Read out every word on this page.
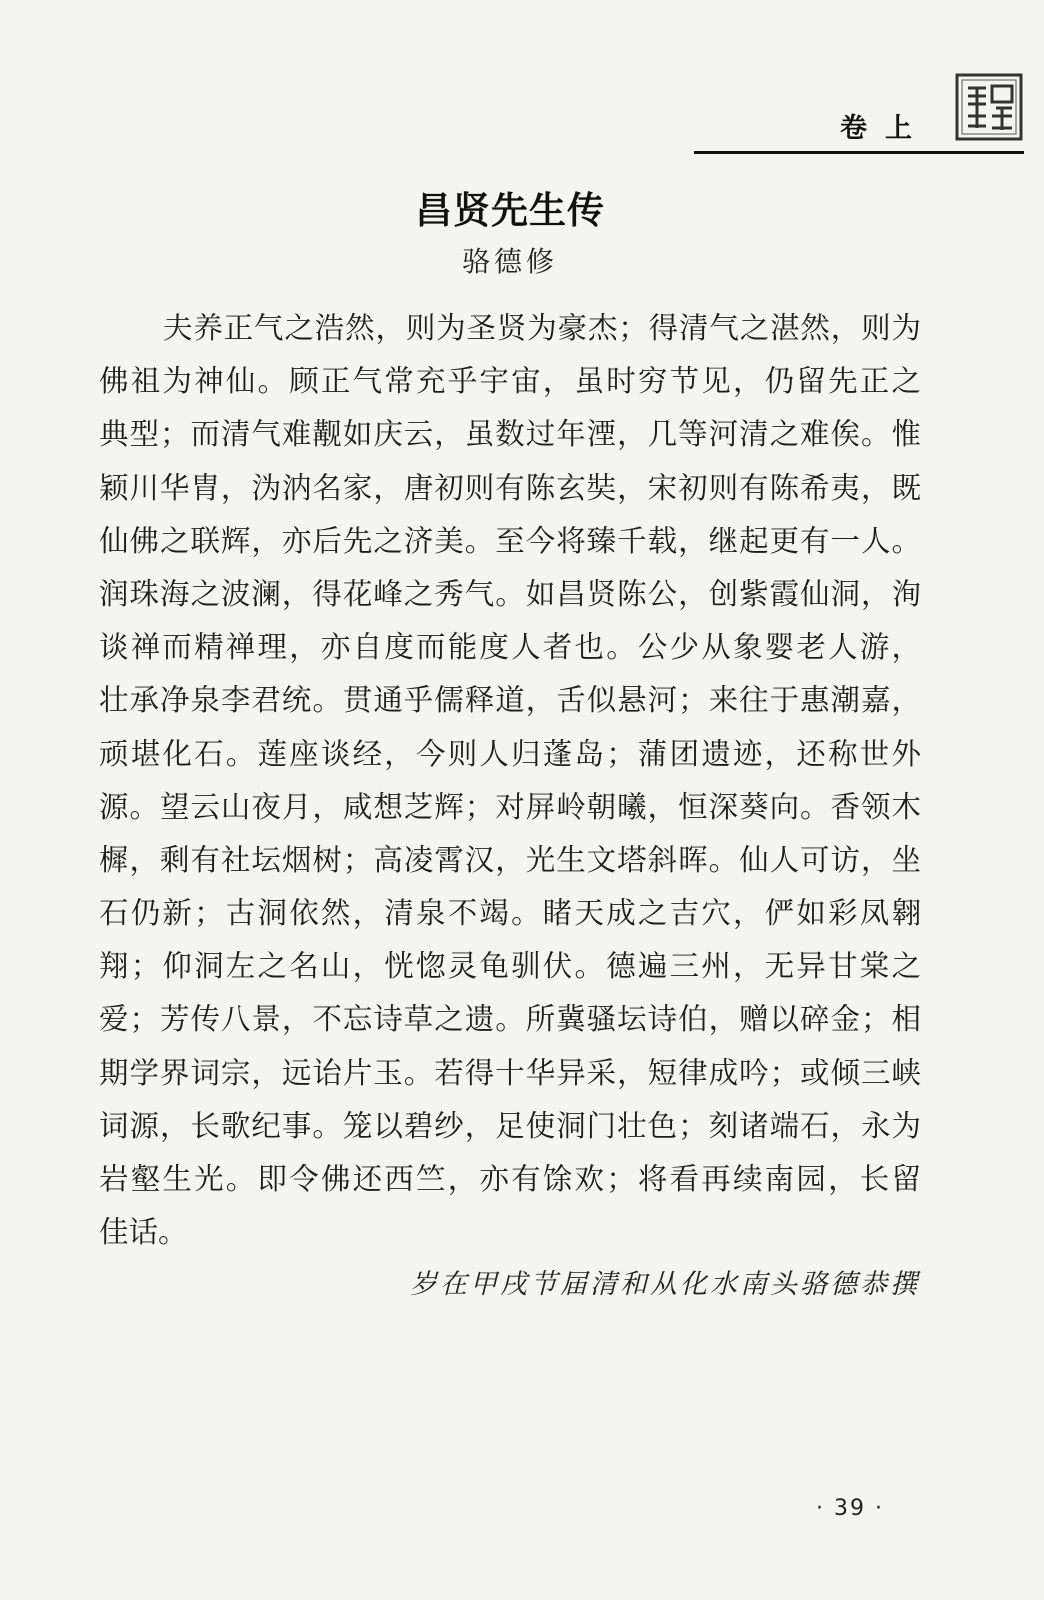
卷上
昌贤先生传
骆德修
夫养正气之浩然，则为圣贤为豪杰；得清气之湛然，则为
佛祖为神仙。顾正气常充乎宇宙，虽时穷节见，仍留先正之
典型；而清气难觏如庆云，虽数过年湮，几等河清之难俟。惟
颖川华胄，沩汭名家，唐初则有陈玄奘，宋初则有陈希夷，既
仙佛之联辉，亦后先之济美。至今将臻千载，继起更有一人。
润珠海之波澜，得花峰之秀气。如昌贤陈公，创紫霞仙洞，洵
谈禅而精禅理，亦自度而能度人者也。公少从象婴老人游，
壮承净泉李君统。贯通乎儒释道，舌似悬河；来往于惠潮嘉，
顽堪化石。莲座谈经，今则人归蓬岛；蒲团遗迹，还称世外
源。望云山夜月，咸想芝辉；对屏岭朝曦，恒深葵向。香领木
樨，剩有社坛烟树；高凌霄汉，光生文塔斜晖。仙人可访，坐
石仍新；古洞依然，清泉不竭。睹天成之吉穴，俨如彩凤翱
翔；仰洞左之名山，恍惚灵龟驯伏。德遍三州，无异甘棠之
爱；芳传八景，不忘诗草之遗。所冀骚坛诗伯，赠以碎金；相
期学界词宗，远诒片玉。若得十华异采，短律成吟；或倾三峡
词源，长歌纪事。笼以碧纱，足使洞门壮色；刻诸端石，永为
岩壑生光。即令佛还西竺，亦有馀欢；将看再续南园，长留
佳话。
岁在甲戌节届清和从化水南头骆德恭撰
· 39 ·
